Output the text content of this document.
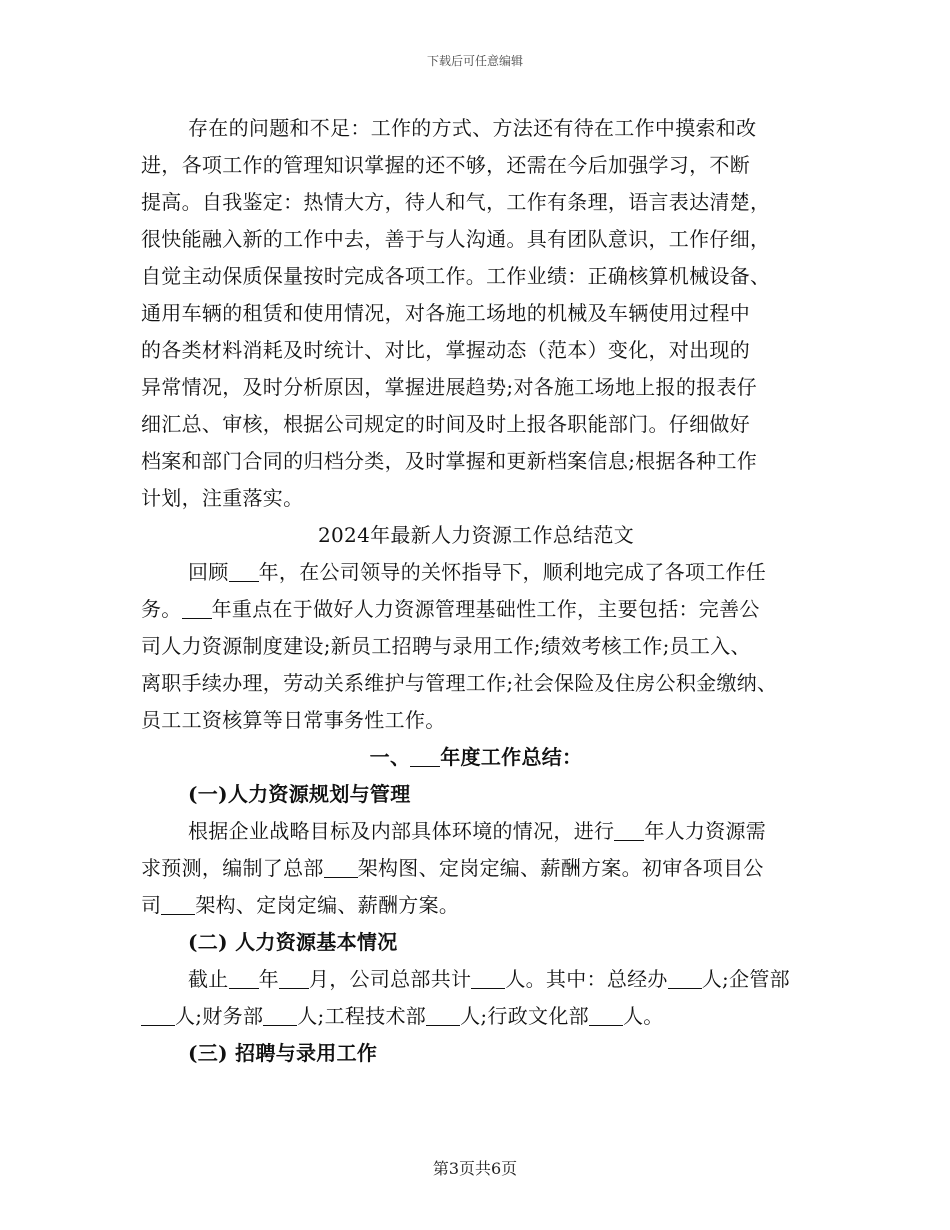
下载后可任意编辑
存在的问题和不足：工作的方式、方法还有待在工作中摸索和改
进，各项工作的管理知识掌握的还不够，还需在今后加强学习，不断
提高。自我鉴定：热情大方，待人和气，工作有条理，语言表达清楚，
很快能融入新的工作中去，善于与人沟通。具有团队意识，工作仔细，
自觉主动保质保量按时完成各项工作。工作业绩：正确核算机械设备、
通用车辆的租赁和使用情况，对各施工场地的机械及车辆使用过程中
的各类材料消耗及时统计、对比，掌握动态（范本）变化，对出现的
异常情况，及时分析原因，掌握进展趋势;对各施工场地上报的报表仔
细汇总、审核，根据公司规定的时间及时上报各职能部门。仔细做好
档案和部门合同的归档分类，及时掌握和更新档案信息;根据各种工作
计划，注重落实。
2024年最新人力资源工作总结范文
回顾 年，在公司领导的关怀指导下，顺利地完成了各项工作任
务。 年重点在于做好人力资源管理基础性工作，主要包括：完善公
司人力资源制度建设;新员工招聘与录用工作;绩效考核工作;员工入、
离职手续办理，劳动关系维护与管理工作;社会保险及住房公积金缴纳、
员工工资核算等日常事务性工作。
一、 年度工作总结：
(一)人力资源规划与管理
根据企业战略目标及内部具体环境的情况，进行 年人力资源需
求预测，编制了总部 架构图、定岗定编、薪酬方案。初审各项目公
司 架构、定岗定编、薪酬方案。
(二) 人力资源基本情况
截止 年 月，公司总部共计 人。其中：总经办 人;企管部
人;财务部 人;工程技术部 人;行政文化部 人。
(三) 招聘与录用工作
第3页共6页
